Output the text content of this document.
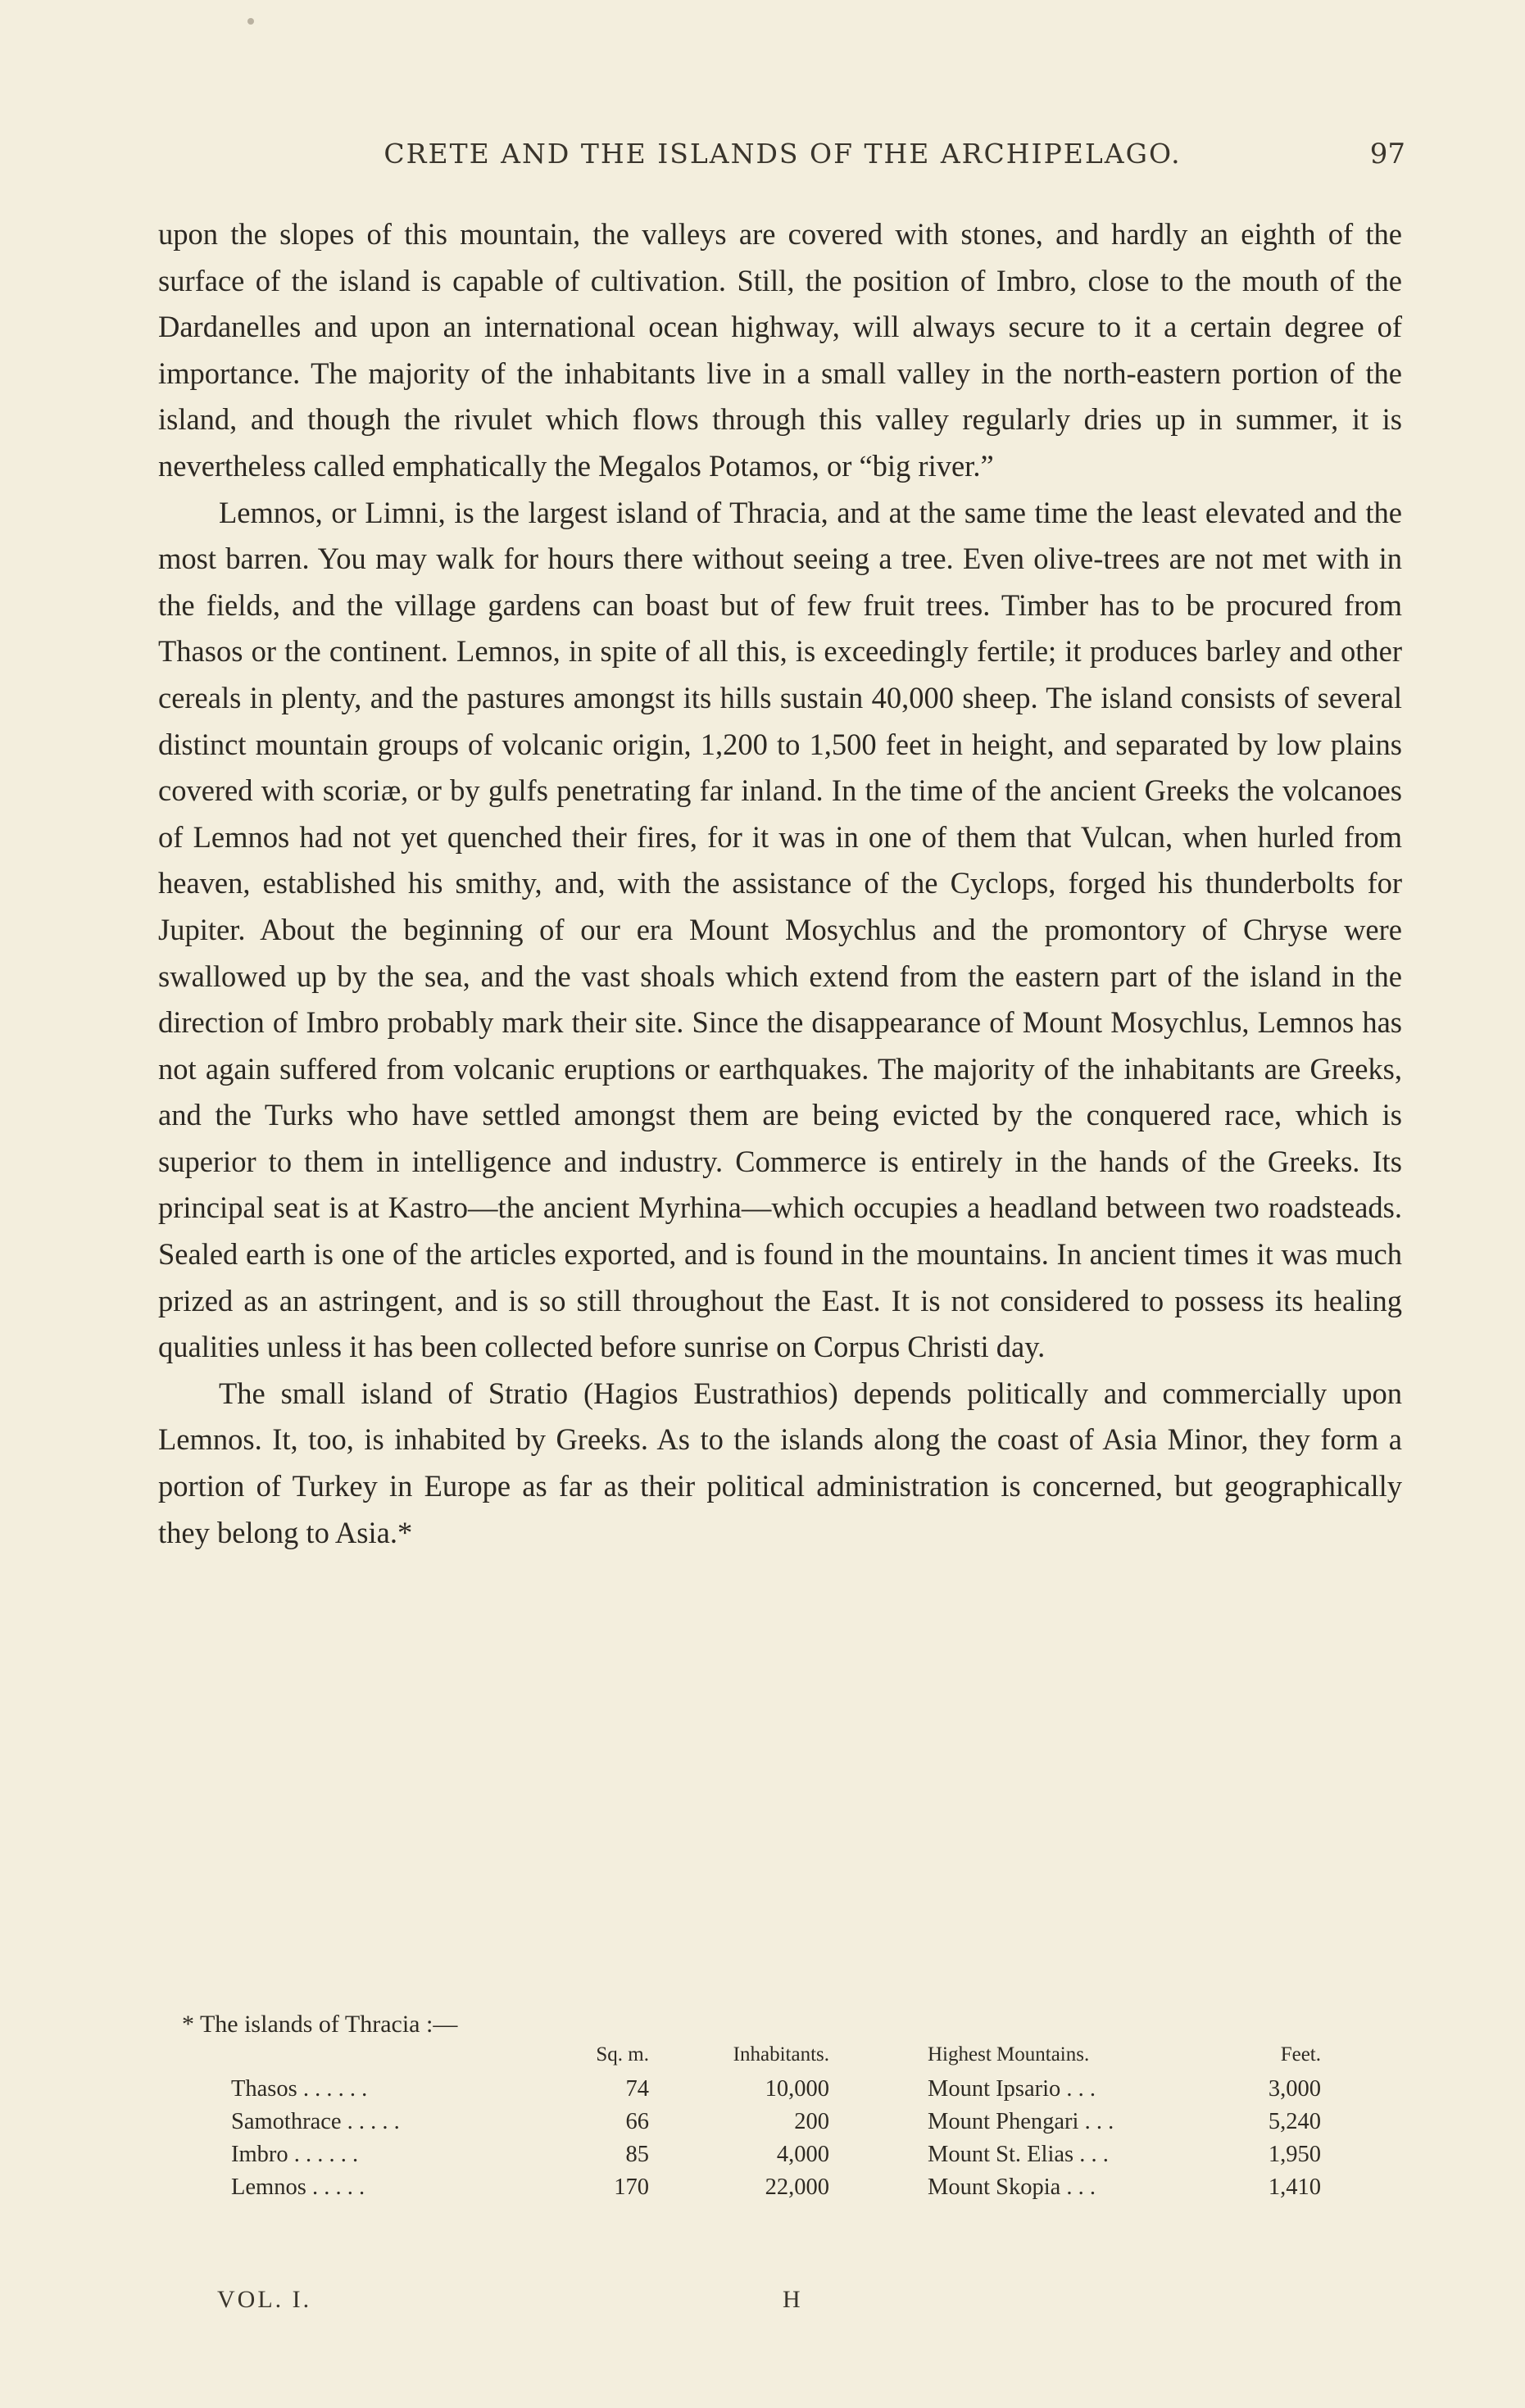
CRETE AND THE ISLANDS OF THE ARCHIPELAGO.	97

upon the slopes of this mountain, the valleys are covered with stones, and hardly an eighth of the surface of the island is capable of cultivation. Still, the position of Imbro, close to the mouth of the Dardanelles and upon an international ocean highway, will always secure to it a certain degree of importance. The majority of the inhabitants live in a small valley in the north-eastern portion of the island, and though the rivulet which flows through this valley regularly dries up in summer, it is nevertheless called emphatically the Megalos Potamos, or “big river.”

Lemnos, or Limni, is the largest island of Thracia, and at the same time the least elevated and the most barren. You may walk for hours there without seeing a tree. Even olive-trees are not met with in the fields, and the village gardens can boast but of few fruit trees. Timber has to be procured from Thasos or the continent. Lemnos, in spite of all this, is exceedingly fertile; it produces barley and other cereals in plenty, and the pastures amongst its hills sustain 40,000 sheep. The island consists of several distinct mountain groups of volcanic origin, 1,200 to 1,500 feet in height, and separated by low plains covered with scoriæ, or by gulfs penetrating far inland. In the time of the ancient Greeks the volcanoes of Lemnos had not yet quenched their fires, for it was in one of them that Vulcan, when hurled from heaven, established his smithy, and, with the assistance of the Cyclops, forged his thunderbolts for Jupiter. About the beginning of our era Mount Mosychlus and the promontory of Chryse were swallowed up by the sea, and the vast shoals which extend from the eastern part of the island in the direction of Imbro probably mark their site. Since the disappearance of Mount Mosychlus, Lemnos has not again suffered from volcanic eruptions or earthquakes. The majority of the inhabitants are Greeks, and the Turks who have settled amongst them are being evicted by the conquered race, which is superior to them in intelligence and industry. Commerce is entirely in the hands of the Greeks. Its principal seat is at Kastro—the ancient Myrhina—which occupies a headland between two roadsteads. Sealed earth is one of the articles exported, and is found in the mountains. In ancient times it was much prized as an astringent, and is so still throughout the East. It is not considered to possess its healing qualities unless it has been collected before sunrise on Corpus Christi day.

The small island of Stratio (Hagios Eustrathios) depends politically and commercially upon Lemnos. It, too, is inhabited by Greeks. As to the islands along the coast of Asia Minor, they form a portion of Turkey in Europe as far as their political administration is concerned, but geographically they belong to Asia.*

* The islands of Thracia :—
	Sq. m.	Inhabitants.		Highest Mountains.	Feet.
Thasos . . . . . .	74	10,000		Mount Ipsario . . .	3,000
Samothrace . . . . .	66	200		Mount Phengari . . .	5,240
Imbro . . . . . .	85	4,000		Mount St. Elias . . .	1,950
Lemnos . . . . .	170	22,000		Mount Skopia . . .	1,410
VOL. I.	H
